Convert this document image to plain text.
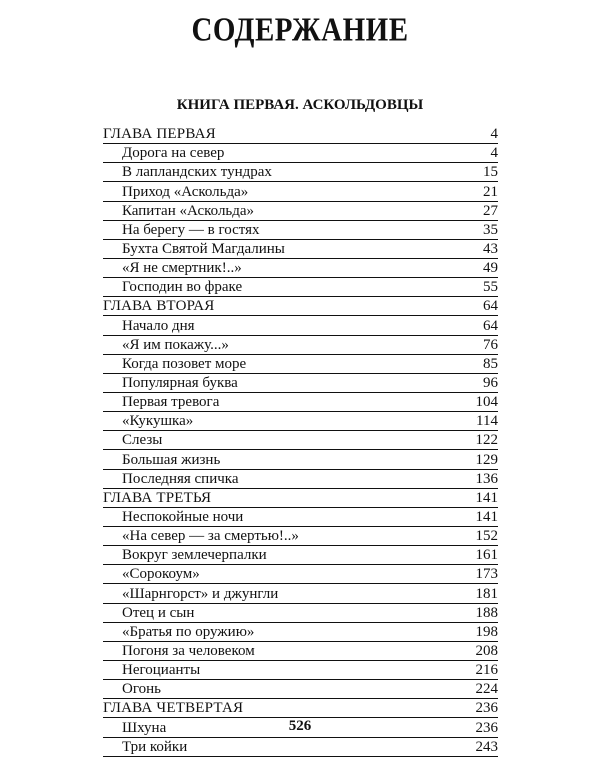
СОДЕРЖАНИЕ
КНИГА ПЕРВАЯ. АСКОЛЬДОВЦЫ
ГЛАВА ПЕРВАЯ	4
Дорога на север	4
В лапландских тундрах	15
Приход «Аскольда»	21
Капитан «Аскольда»	27
На берегу — в гостях	35
Бухта Святой Магдалины	43
«Я не смертник!..»	49
Господин во фраке	55
ГЛАВА ВТОРАЯ	64
Начало дня	64
«Я им покажу...»	76
Когда позовет море	85
Популярная буква	96
Первая тревога	104
«Кукушка»	114
Слезы	122
Большая жизнь	129
Последняя спичка	136
ГЛАВА ТРЕТЬЯ	141
Неспокойные ночи	141
«На север — за смертью!..»	152
Вокруг землечерпалки	161
«Сорокоум»	173
«Шарнгорст» и джунгли	181
Отец и сын	188
«Братья по оружию»	198
Погоня за человеком	208
Негоцианты	216
Огонь	224
ГЛАВА ЧЕТВЕРТАЯ	236
Шхуна	236
Три койки	243
526
